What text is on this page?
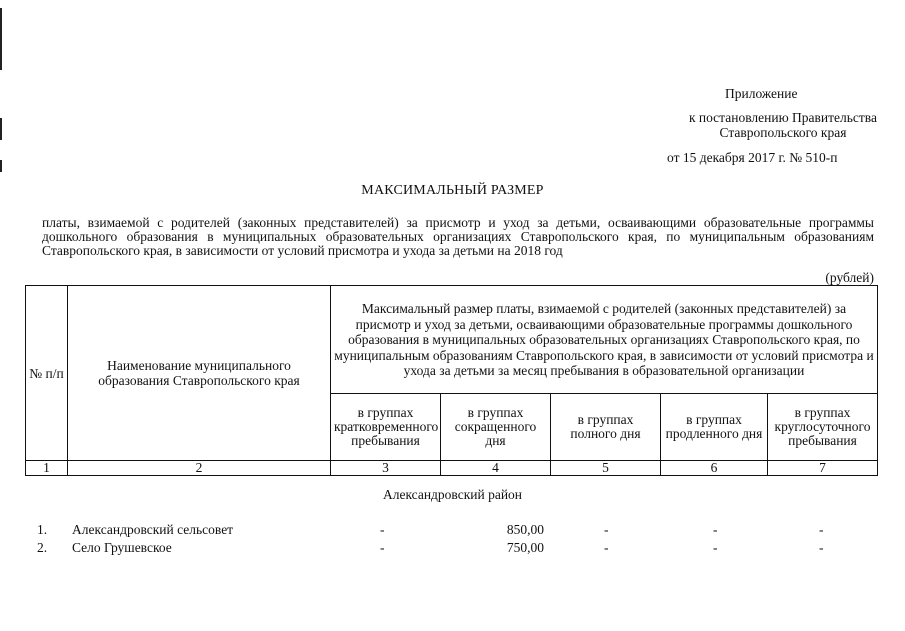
Приложение
к постановлению Правительства
Ставропольского края
от 15 декабря 2017 г. № 510-п
МАКСИМАЛЬНЫЙ РАЗМЕР
платы, взимаемой с родителей (законных представителей) за присмотр и уход за детьми, осваивающими образовательные программы дошкольного образования в муниципальных образовательных организациях Ставропольского края, по муниципальным образованиям Ставропольского края, в зависимости от условий присмотра и ухода за детьми на 2018 год
(рублей)
№ п/п	Наименование муниципального образования Ставропольского края	Максимальный размер платы, взимаемой с родителей (законных представителей) за присмотр и уход за детьми, осваивающими образовательные программы дошкольного образования в муниципальных образовательных организациях Ставропольского края, по муниципальным образованиям Ставропольского края, в зависимости от условий присмотра и ухода за детьми за месяц пребывания в образовательной организации				
		в группах кратковременного пребывания	в группах сокращенного дня	в группах полного дня	в группах продленного дня	в группах круглосуточного пребывания
1	2	3	4	5	6	7
Александровский район
1. Александровский сельсовет	-	850,00	-	-	-
2. Село Грушевское	-	750,00	-	-	-
